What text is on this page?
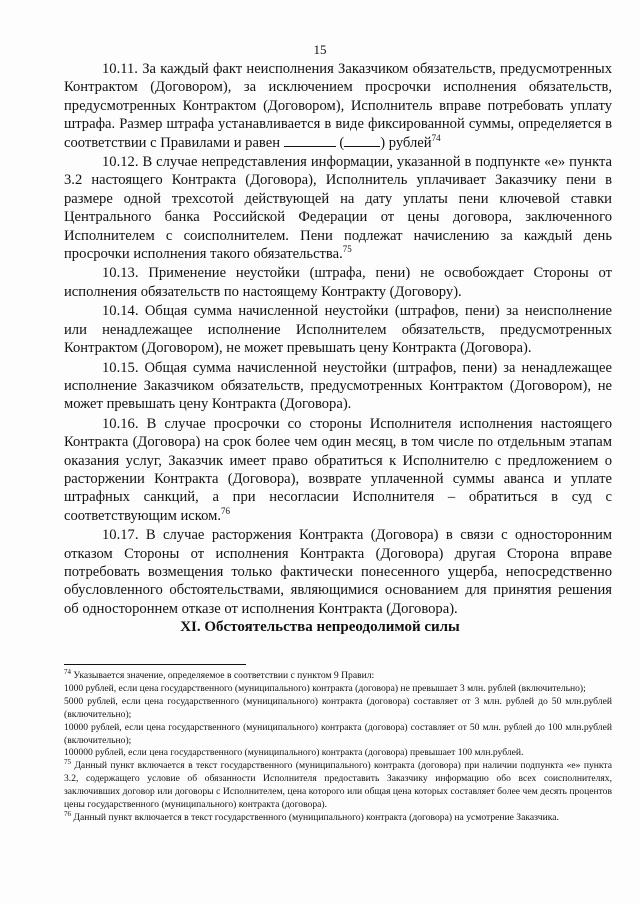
15

10.11. За каждый факт неисполнения Заказчиком обязательств, предусмотренных Контрактом (Договором), за исключением просрочки исполнения обязательств, предусмотренных Контрактом (Договором), Исполнитель вправе потребовать уплату штрафа. Размер штрафа устанавливается в виде фиксированной суммы, определяется в соответствии с Правилами и равен	( ) рублей$^{74}$

10.12. В случае непредставления информации, указанной в подпункте «е» пункта 3.2 настоящего Контракта (Договора), Исполнитель уплачивает Заказчику пени в размере одной трехсотой действующей на дату уплаты пени ключевой ставки Центрального банка Российской Федерации от цены договора, заключенного Исполнителем с соисполнителем. Пени подлежат начислению за каждый день просрочки исполнения такого обязательства.$^{75}$

10.13. Применение неустойки (штрафа, пени) не освобождает Стороны от исполнения обязательств по настоящему Контракту (Договору).

10.14. Общая сумма начисленной неустойки (штрафов, пени) за неисполнение или ненадлежащее исполнение Исполнителем обязательств, предусмотренных Контрактом (Договором), не может превышать цену Контракта (Договора).

10.15. Общая сумма начисленной неустойки (штрафов, пени) за ненадлежащее исполнение Заказчиком обязательств, предусмотренных Контрактом (Договором), не может превышать цену Контракта (Договора).

10.16. В случае просрочки со стороны Исполнителя исполнения настоящего Контракта (Договора) на срок более чем один месяц, в том числе по отдельным этапам оказания услуг, Заказчик имеет право обратиться к Исполнителю с предложением о расторжении Контракта (Договора), возврате уплаченной суммы аванса и уплате штрафных санкций, а при несогласии Исполнителя – обратиться в суд с соответствующим иском.$^{76}$

10.17. В случае расторжения Контракта (Договора) в связи с односторонним отказом Стороны от исполнения Контракта (Договора) другая Сторона вправе потребовать возмещения только фактически понесенного ущерба, непосредственно обусловленного обстоятельствами, являющимися основанием для принятия решения об одностороннем отказе от исполнения Контракта (Договора).

XI. Обстоятельства непреодолимой силы

$^{74}$ Указывается значение, определяемое в соответствии с пунктом 9 Правил:

1000 рублей, если цена государственного (муниципального) контракта (договора) не превышает 3 млн. рублей (включительно);

5000 рублей, если цена государственного (муниципального) контракта (договора) составляет от 3 млн. рублей до 50 млн.рублей (включительно);

10000 рублей, если цена государственного (муниципального) контракта (договора) составляет от 50 млн. рублей до 100 млн.рублей (включительно);

100000 рублей, если цена государственного (муниципального) контракта (договора) превышает 100 млн.рублей.

$^{75}$ Данный пункт включается в текст государственного (муниципального) контракта (договора) при наличии подпункта «е» пункта 3.2, содержащего условие об обязанности Исполнителя предоставить Заказчику информацию обо всех соисполнителях, заключивших договор или договоры с Исполнителем, цена которого или общая цена которых составляет более чем десять процентов цены государственного (муниципального) контракта (договора).

$^{76}$ Данный пункт включается в текст государственного (муниципального) контракта (договора) на усмотрение Заказчика.
